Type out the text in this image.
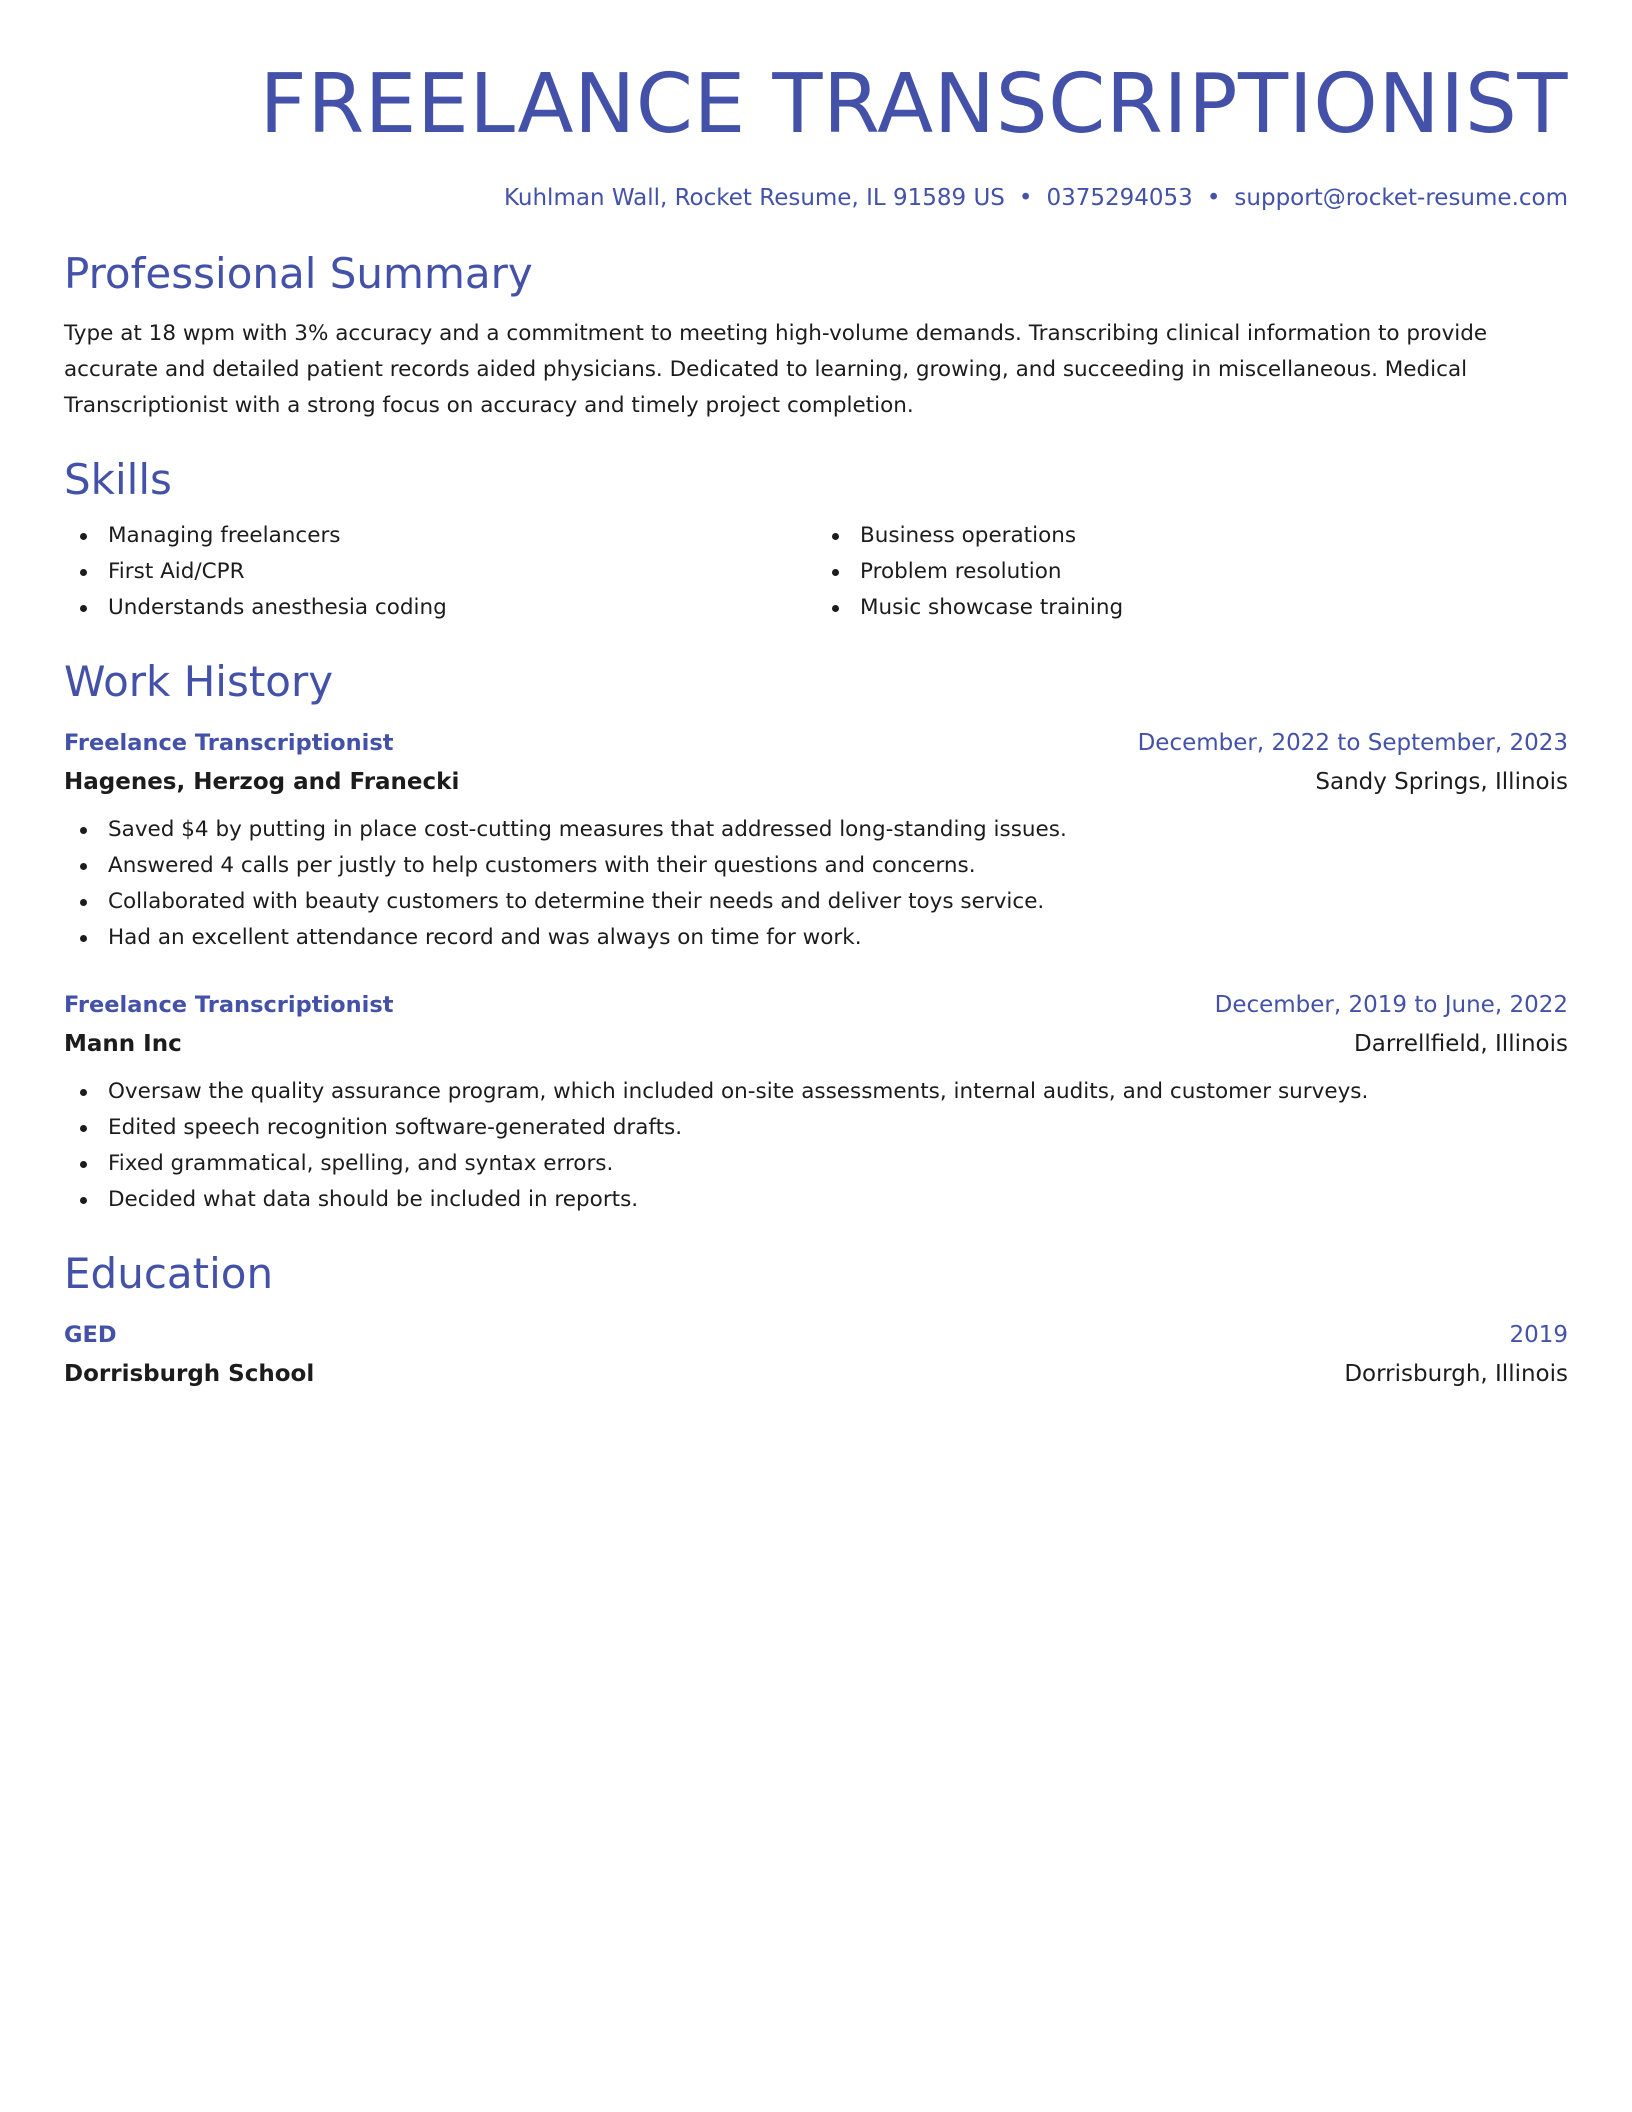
FREELANCE TRANSCRIPTIONIST
Kuhlman Wall, Rocket Resume, IL 91589 US • 0375294053 • support@rocket-resume.com
Professional Summary

Type at 18 wpm with 3% accuracy and a commitment to meeting high-volume demands. Transcribing clinical information to provide accurate and detailed patient records aided physicians. Dedicated to learning, growing, and succeeding in miscellaneous. Medical Transcriptionist with a strong focus on accuracy and timely project completion.

Skills
Managing freelancers
First Aid/CPR
Understands anesthesia coding
Business operations
Problem resolution
Music showcase training
Work History
Freelance Transcriptionist	December, 2022 to September, 2023
Hagenes, Herzog and Franecki	Sandy Springs, Illinois
Saved $4 by putting in place cost-cutting measures that addressed long-standing issues.
Answered 4 calls per justly to help customers with their questions and concerns.
Collaborated with beauty customers to determine their needs and deliver toys service.
Had an excellent attendance record and was always on time for work.
Freelance Transcriptionist	December, 2019 to June, 2022
Mann Inc	Darrellfield, Illinois
Oversaw the quality assurance program, which included on-site assessments, internal audits, and customer surveys.
Edited speech recognition software-generated drafts.
Fixed grammatical, spelling, and syntax errors.
Decided what data should be included in reports.
Education
GED	2019
Dorrisburgh School	Dorrisburgh, Illinois
